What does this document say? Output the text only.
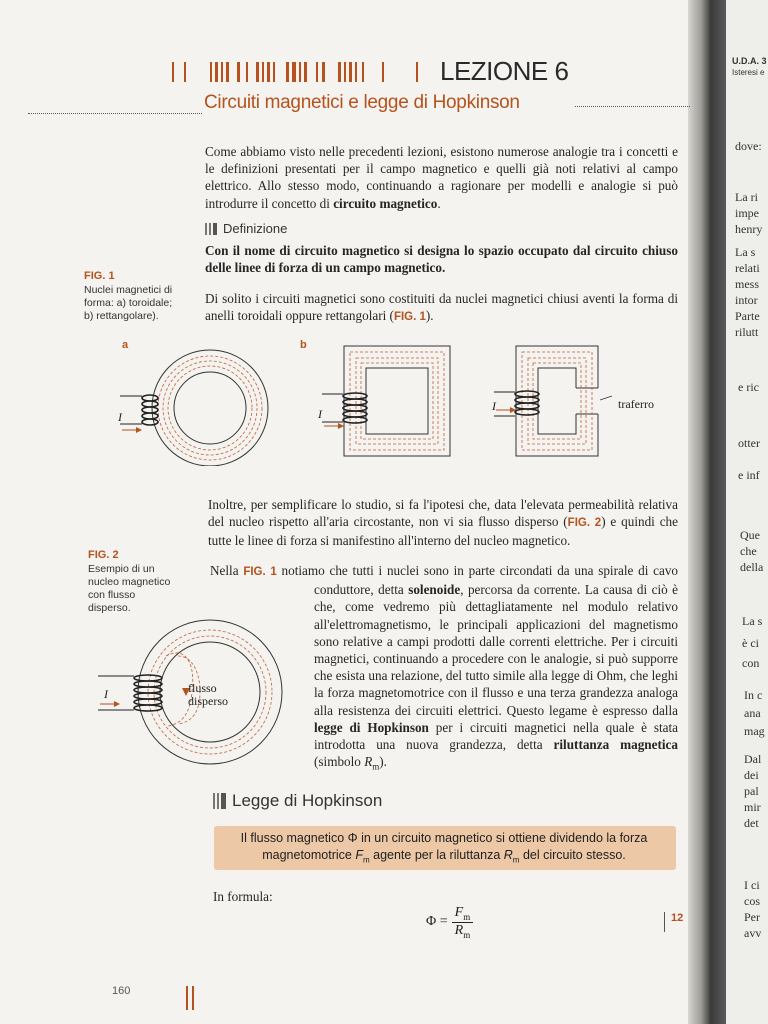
LEZIONE 6
Circuiti magnetici e legge di Hopkinson
Come abbiamo visto nelle precedenti lezioni, esistono numerose analogie tra i concetti e le definizioni presentati per il campo magnetico e quelli già noti relativi al campo elettrico. Allo stesso modo, continuando a ragionare per modelli e analogie si può introdurre il concetto di circuito magnetico.
Definizione
Con il nome di circuito magnetico si designa lo spazio occupato dal circuito chiuso delle linee di forza di un campo magnetico.
Di solito i circuiti magnetici sono costituiti da nuclei magnetici chiusi aventi la forma di anelli toroidali oppure rettangolari (FIG. 1).
FIG. 1
Nuclei magnetici di forma: a) toroidale; b) rettangolare).
a	b
I	I
I	traferro
Inoltre, per semplificare lo studio, si fa l'ipotesi che, data l'elevata permeabilità relativa del nucleo rispetto all'aria circostante, non vi sia flusso disperso (FIG. 2) e quindi che tutte le linee di forza si manifestino all'interno del nucleo magnetico.
FIG. 2
Esempio di un nucleo magnetico con flusso disperso.
I	flusso
disperso
Nella FIG. 1 notiamo che tutti i nuclei sono in parte circondati da una spirale di cavo conduttore, detta solenoide, percorsa da corrente. La causa di ciò è che, come vedremo più dettagliatamente nel modulo relativo all'elettromagnetismo, le principali applicazioni del magnetismo sono relative a campi prodotti dalle correnti elettriche. Per i circuiti magnetici, continuando a procedere con le analogie, si può supporre che esista una relazione, del tutto simile alla legge di Ohm, che leghi la forza magnetomotrice con il flusso e una terza grandezza analoga alla resistenza dei circuiti elettrici. Questo legame è espresso dalla legge di Hopkinson per i circuiti magnetici nella quale è stata introdotta una nuova grandezza, detta riluttanza magnetica (simbolo $R_m$).
Legge di Hopkinson
Il flusso magnetico Φ in un circuito magnetico si ottiene dividendo la forza
magnetomotrice $F_m$ agente per la riluttanza $R_m$ del circuito stesso.
In formula:
$\Phi = \frac{F_m}{R_m}$	12
160
U.D.A. 3
Isteresi e
dove:
La ri
impe
henry
La s
relati
mess
intor
Parte
rilutt
e ric
otter
e inf
Que
che
della
La s
è ci
con
In c
ana
mag
Dal
dei
pal
mir
det
I ci
cos
Per
avv
